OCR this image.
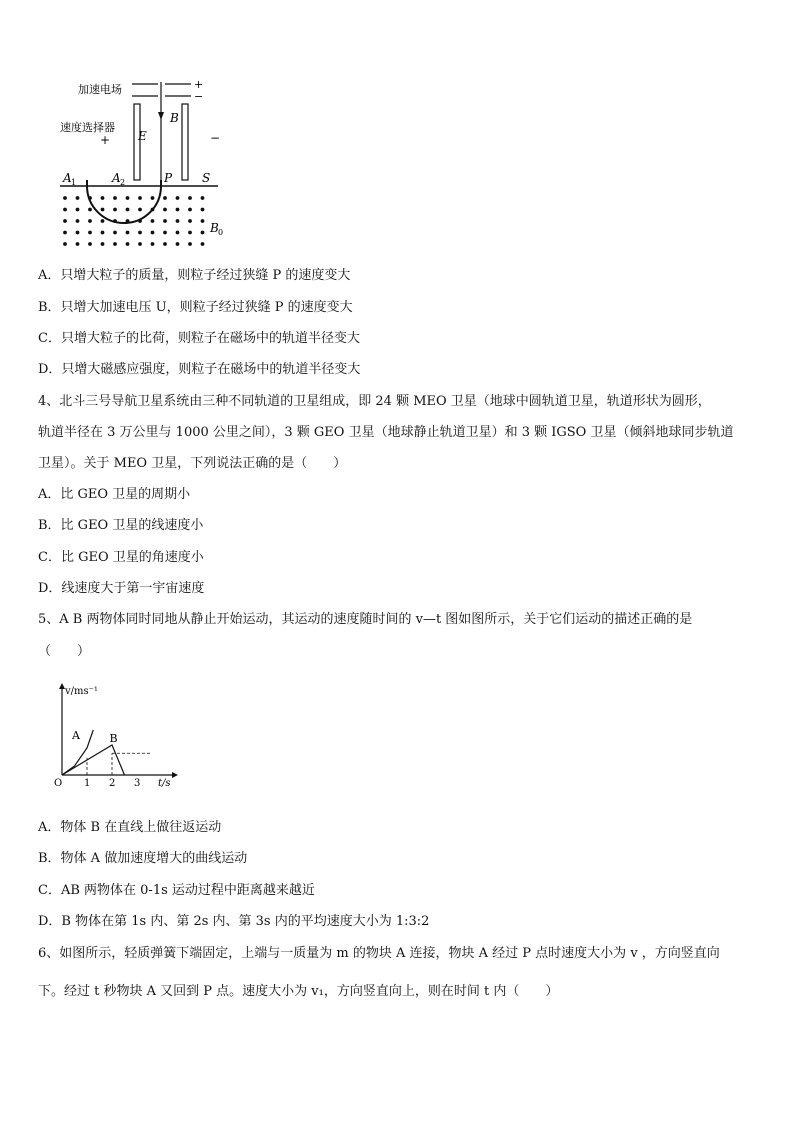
加速电场	+
−
速度选择器
+	−
E
B
A 1	A 2	P S
B 0
A．只增大粒子的质量，则粒子经过狭缝 P 的速度变大
B．只增大加速电压 U，则粒子经过狭缝 P 的速度变大
C．只增大粒子的比荷，则粒子在磁场中的轨道半径变大
D．只增大磁感应强度，则粒子在磁场中的轨道半径变大
4、北斗三号导航卫星系统由三种不同轨道的卫星组成，即 24 颗 MEO 卫星（地球中圆轨道卫星，轨道形状为圆形，
轨道半径在 3 万公里与 1000 公里之间），3 颗 GEO 卫星（地球静止轨道卫星）和 3 颗 IGSO 卫星（倾斜地球同步轨道
卫星）。关于 MEO 卫星，下列说法正确的是（　　）
A．比 GEO 卫星的周期小
B．比 GEO 卫星的线速度小
C．比 GEO 卫星的角速度小
D．线速度大于第一宇宙速度
5、A B 两物体同时同地从静止开始运动，其运动的速度随时间的 v—t 图如图所示，关于它们运动的描述正确的是
（　　）
v/ms⁻¹
t/s
O 1 2 3
A	B
A．物体 B 在直线上做往返运动
B．物体 A 做加速度增大的曲线运动
C．AB 两物体在 0-1s 运动过程中距离越来越近
D．B 物体在第 1s 内、第 2s 内、第 3s 内的平均速度大小为 1:3:2
6、如图所示，轻质弹簧下端固定，上端与一质量为 m 的物块 A 连接，物块 A 经过 P 点时速度大小为 v ，方向竖直向
下。经过 t 秒物块 A 又回到 P 点。速度大小为 v₁，方向竖直向上，则在时间 t 内（　　）
